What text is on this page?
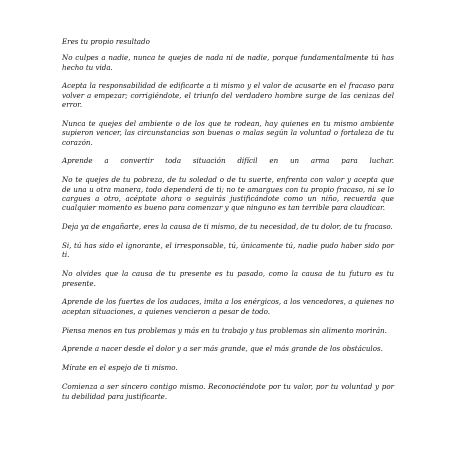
Eres tu propio resultado

No culpes a nadie, nunca te quejes de nada ni de nadie, porque fundamentalmente tú has hecho tu vida.

Acepta la responsabilidad de edificarte a ti mismo y el valor de acusarte en el fracaso para volver a empezar; corrigiéndote, el triunfo del verdadero hombre surge de las cenizas del error.

Nunca te quejes del ambiente o de los que te rodean, hay quienes en tu mismo ambiente supieron vencer, las circunstancias son buenas o malas según la voluntad o fortaleza de tu corazón.

Aprende a convertir toda situación difícil en un arma para luchar.

No te quejes de tu pobreza, de tu soledad o de tu suerte, enfrenta con valor y acepta que de una u otra manera, todo dependerá de ti; no te amargues con tu propio fracaso, ni se lo cargues a otro, acéptate ahora o seguirás justificándote como un niño, recuerda que cualquier momento es bueno para comenzar y que ninguno es tan terrible para claudicar.

Deja ya de engañarte, eres la causa de ti mismo, de tu necesidad, de tu dolor, de tu fracaso.

Si, tú has sido el ignorante, el irresponsable, tú, únicamente tú, nadie pudo haber sido por ti.

No olvides que la causa de tu presente es tu pasado, como la causa de tu futuro es tu presente.

Aprende de los fuertes de los audaces, imita a los enérgicos, a los vencedores, a quienes no aceptan situaciones, a quienes vencieron a pesar de todo.

Piensa menos en tus problemas y más en tu trabajo y tus problemas sin alimento morirán.

Aprende a nacer desde el dolor y a ser más grande, que el más grande de los obstáculos.

Mírate en el espejo de ti mismo.

Comienza a ser sincero contigo mismo. Reconociéndote por tu valor, por tu voluntad y por tu debilidad para justificarte.
